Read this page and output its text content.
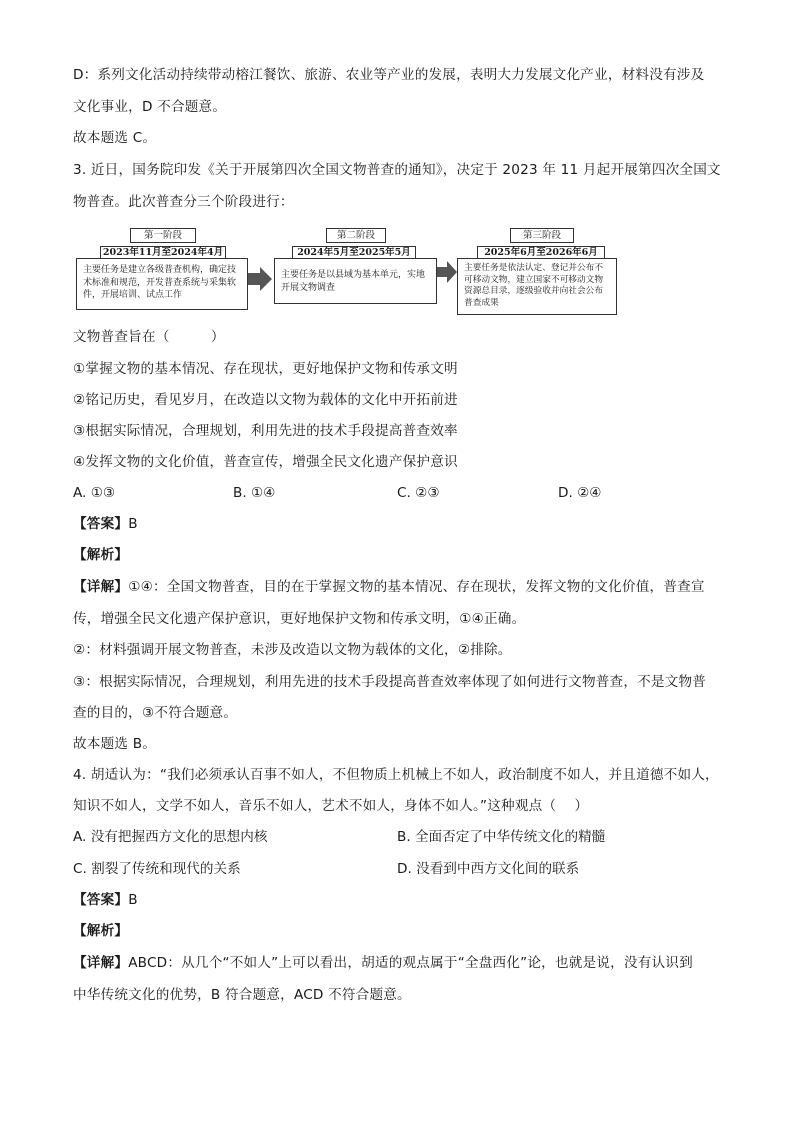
D：系列文化活动持续带动榕江餐饮、旅游、农业等产业的发展，表明大力发展文化产业，材料没有涉及
文化事业，D 不合题意。
故本题选 C。
3. 近日，国务院印发《关于开展第四次全国文物普查的通知》，决定于 2023 年 11 月起开展第四次全国文
物普查。此次普查分三个阶段进行：
第一阶段
2023年11月至2024年4月
主要任务是建立各级普查机构，确定技术标准和规范，开发普查系统与采集软件，开展培训、试点工作
第二阶段
2024年5月至2025年5月
主要任务是以县域为基本单元，实地开展文物调查
第三阶段
2025年6月至2026年6月
主要任务是依法认定、登记并公布不可移动文物，建立国家不可移动文物资源总目录，逐级验收并向社会公布普查成果
文物普查旨在（　　　）
①掌握文物的基本情况、存在现状，更好地保护文物和传承文明
②铭记历史，看见岁月，在改造以文物为载体的文化中开拓前进
③根据实际情况，合理规划，利用先进的技术手段提高普查效率
④发挥文物的文化价值，普查宣传，增强全民文化遗产保护意识
A. ①③	B. ①④	C. ②③	D. ②④
【答案】B
【解析】
【详解】①④：全国文物普查，目的在于掌握文物的基本情况、存在现状，发挥文物的文化价值，普查宣
传，增强全民文化遗产保护意识，更好地保护文物和传承文明，①④正确。
②：材料强调开展文物普查，未涉及改造以文物为载体的文化，②排除。
③：根据实际情况，合理规划，利用先进的技术手段提高普查效率体现了如何进行文物普查，不是文物普
查的目的，③不符合题意。
故本题选 B。
4. 胡适认为：“我们必须承认百事不如人，不但物质上机械上不如人，政治制度不如人，并且道德不如人，
知识不如人，文学不如人，音乐不如人，艺术不如人，身体不如人。”这种观点（　 ）
A. 没有把握西方文化的思想内核	B. 全面否定了中华传统文化的精髓
C. 割裂了传统和现代的关系	D. 没看到中西方文化间的联系
【答案】B
【解析】
【详解】ABCD：从几个“不如人”上可以看出，胡适的观点属于“全盘西化”论，也就是说，没有认识到
中华传统文化的优势，B 符合题意，ACD 不符合题意。
